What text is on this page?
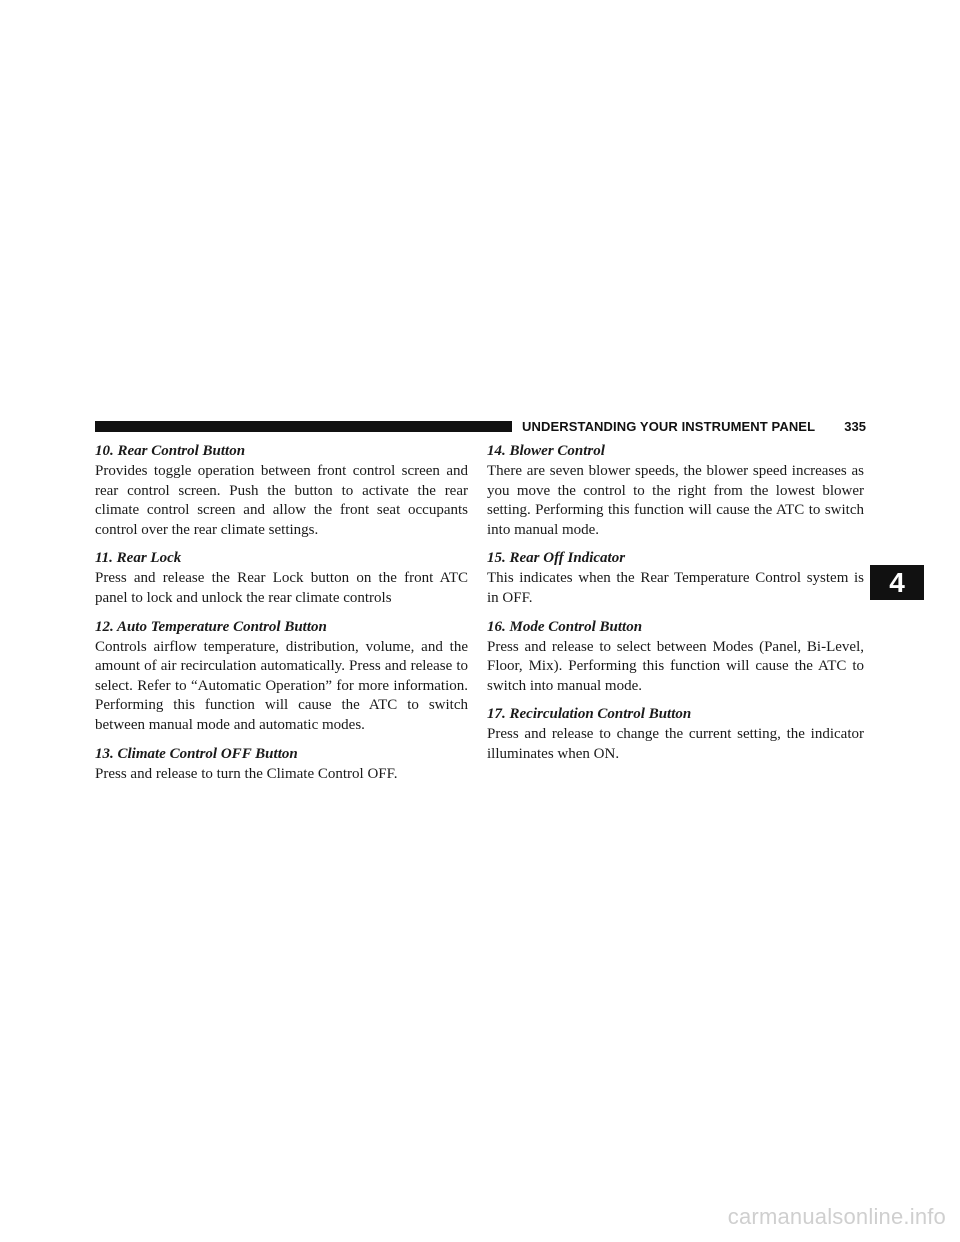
UNDERSTANDING YOUR INSTRUMENT PANEL	335

10. Rear Control Button

Provides toggle operation between front control screen and rear control screen. Push the button to activate the rear climate control screen and allow the front seat occupants control over the rear climate settings.

11. Rear Lock

Press and release the Rear Lock button on the front ATC panel to lock and unlock the rear climate controls

12. Auto Temperature Control Button

Controls airflow temperature, distribution, volume, and the amount of air recirculation automatically. Press and release to select. Refer to “Automatic Operation” for more information. Performing this function will cause the ATC to switch between manual mode and automatic modes.

13. Climate Control OFF Button

Press and release to turn the Climate Control OFF.

14. Blower Control

There are seven blower speeds, the blower speed increases as you move the control to the right from the lowest blower setting. Performing this function will cause the ATC to switch into manual mode.

15. Rear Off Indicator

This indicates when the Rear Temperature Control system is in OFF.

16. Mode Control Button

Press and release to select between Modes (Panel, Bi-Level, Floor, Mix). Performing this function will cause the ATC to switch into manual mode.

17. Recirculation Control Button

Press and release to change the current setting, the indicator illuminates when ON.

4
carmanualsonline.info
